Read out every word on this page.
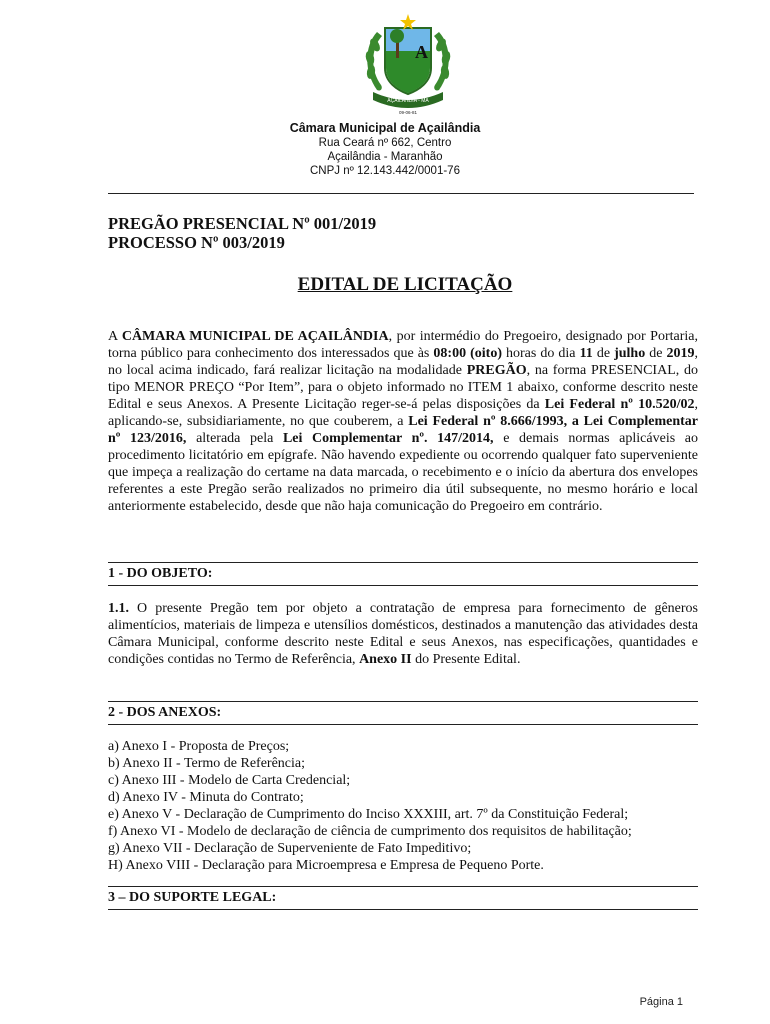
A
AÇAILÂNDIA - MA
09-06-81
Câmara Municipal de Açailândia
Rua Ceará nº 662, Centro
Açailândia - Maranhão
CNPJ nº 12.143.442/0001-76
PREGÃO PRESENCIAL Nº 001/2019
PROCESSO Nº 003/2019
EDITAL DE LICITAÇÃO
A CÂMARA MUNICIPAL DE AÇAILÂNDIA, por intermédio do Pregoeiro, designado por Portaria, torna público para conhecimento dos interessados que às 08:00 (oito) horas do dia 11 de julho de 2019, no local acima indicado, fará realizar licitação na modalidade PREGÃO, na forma PRESENCIAL, do tipo MENOR PREÇO “Por Item”, para o objeto informado no ITEM 1 abaixo, conforme descrito neste Edital e seus Anexos. A Presente Licitação reger-se-á pelas disposições da Lei Federal nº 10.520/02, aplicando-se, subsidiariamente, no que couberem, a Lei Federal nº 8.666/1993, a Lei Complementar nº 123/2016, alterada pela Lei Complementar nº. 147/2014, e demais normas aplicáveis ao procedimento licitatório em epígrafe. Não havendo expediente ou ocorrendo qualquer fato superveniente que impeça a realização do certame na data marcada, o recebimento e o início da abertura dos envelopes referentes a este Pregão serão realizados no primeiro dia útil subsequente, no mesmo horário e local anteriormente estabelecido, desde que não haja comunicação do Pregoeiro em contrário.
1 - DO OBJETO:
1.1. O presente Pregão tem por objeto a contratação de empresa para fornecimento de gêneros alimentícios, materiais de limpeza e utensílios domésticos, destinados a manutenção das atividades desta Câmara Municipal, conforme descrito neste Edital e seus Anexos, nas especificações, quantidades e condições contidas no Termo de Referência, Anexo II do Presente Edital.
2 - DOS ANEXOS:
a) Anexo I - Proposta de Preços;
b) Anexo II - Termo de Referência;
c) Anexo III - Modelo de Carta Credencial;
d) Anexo IV - Minuta do Contrato;
e) Anexo V - Declaração de Cumprimento do Inciso XXXIII, art. 7º da Constituição Federal;
f) Anexo VI - Modelo de declaração de ciência de cumprimento dos requisitos de habilitação;
g) Anexo VII - Declaração de Superveniente de Fato Impeditivo;
H) Anexo VIII - Declaração para Microempresa e Empresa de Pequeno Porte.
3 – DO SUPORTE LEGAL:
Página 1
